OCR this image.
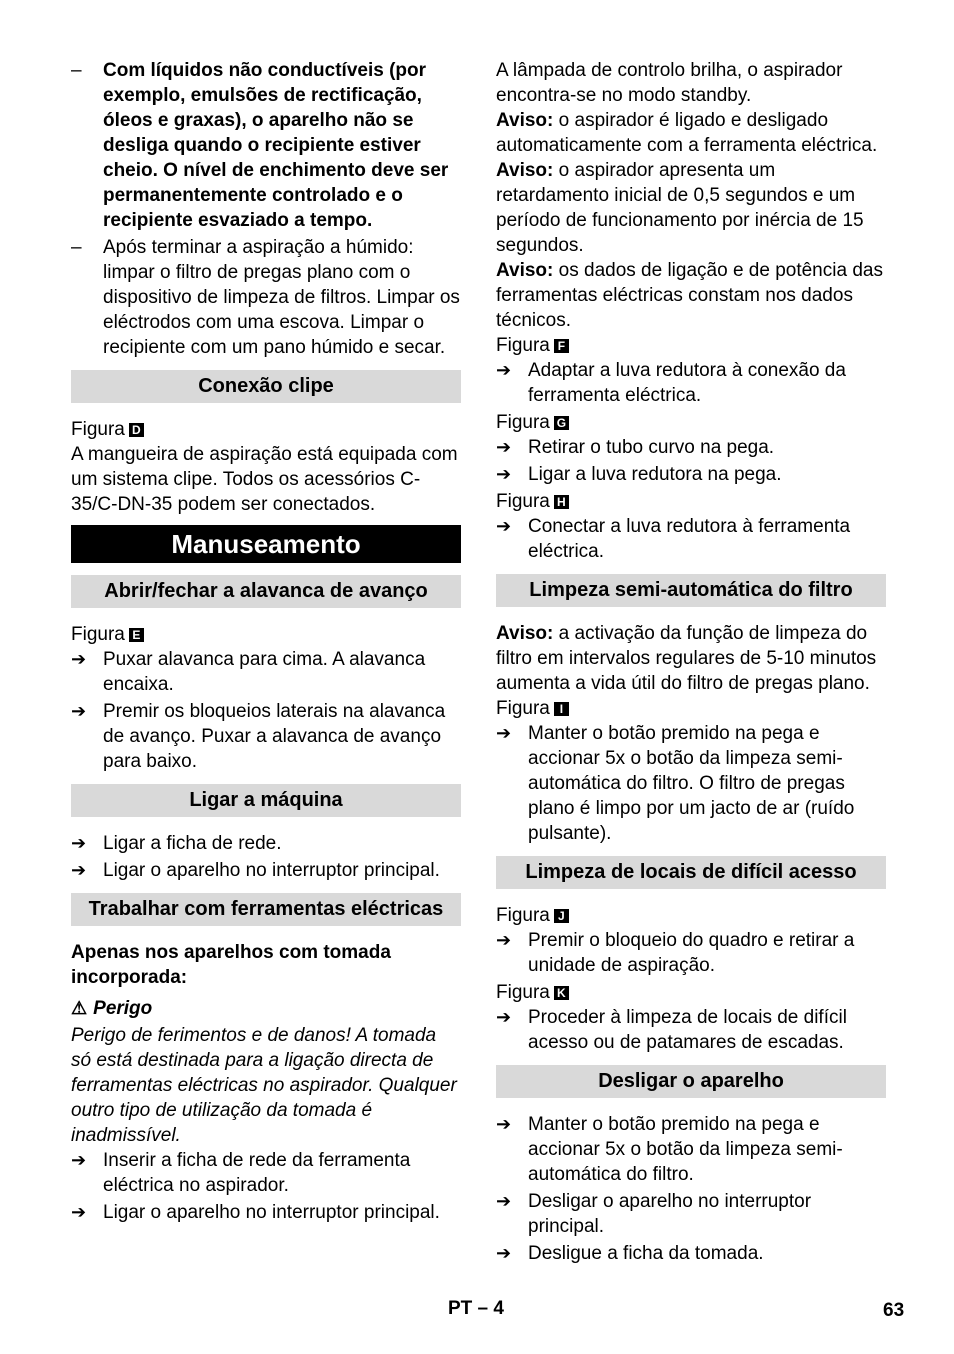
–	Com líquidos não conductíveis (por exemplo, emulsões de rectificação, óleos e graxas), o aparelho não se desliga quando o recipiente estiver cheio. O nível de enchimento deve ser permanentemente controlado e o recipiente esvaziado a tempo.

–	Após terminar a aspiração a húmido: limpar o filtro de pregas plano com o dispositivo de limpeza de filtros. Limpar os eléctrodos com uma escova. Limpar o recipiente com um pano húmido e secar.

Conexão clipe

Figura D

A mangueira de aspiração está equipada com um sistema clipe. Todos os acessórios C-35/C-DN-35 podem ser conectados.

Manuseamento
Abrir/fechar a alavanca de avanço

Figura E

➔ Puxar alavanca para cima. A alavanca encaixa.

➔ Premir os bloqueios laterais na alavanca de avanço. Puxar a alavanca de avanço para baixo.

Ligar a máquina
➔ Ligar a ficha de rede.

➔ Ligar o aparelho no interruptor principal.

Trabalhar com ferramentas eléctricas

Apenas nos aparelhos com tomada incorporada:

⚠ Perigo

Perigo de ferimentos e de danos! A tomada só está destinada para a ligação directa de ferramentas eléctricas no aspirador. Qualquer outro tipo de utilização da tomada é inadmissível.

➔ Inserir a ficha de rede da ferramenta eléctrica no aspirador.

➔ Ligar o aparelho no interruptor principal.

A lâmpada de controlo brilha, o aspirador encontra-se no modo standby.

Aviso: o aspirador é ligado e desligado automaticamente com a ferramenta eléctrica.

Aviso: o aspirador apresenta um retardamento inicial de 0,5 segundos e um período de funcionamento por inércia de 15 segundos.

Aviso: os dados de ligação e de potência das ferramentas eléctricas constam nos dados técnicos.

Figura F

➔ Adaptar a luva redutora à conexão da ferramenta eléctrica.

Figura G

➔ Retirar o tubo curvo na pega.

➔ Ligar a luva redutora na pega.

Figura H

➔ Conectar a luva redutora à ferramenta eléctrica.

Limpeza semi-automática do filtro

Aviso: a activação da função de limpeza do filtro em intervalos regulares de 5-10 minutos aumenta a vida útil do filtro de pregas plano.

Figura I

➔ Manter o botão premido na pega e accionar 5x o botão da limpeza semi-automática do filtro. O filtro de pregas plano é limpo por um jacto de ar (ruído pulsante).

Limpeza de locais de difícil acesso

Figura J

➔ Premir o bloqueio do quadro e retirar a unidade de aspiração.

Figura K

➔ Proceder à limpeza de locais de difícil acesso ou de patamares de escadas.

Desligar o aparelho
➔ Manter o botão premido na pega e accionar 5x o botão da limpeza semi-automática do filtro.

➔ Desligar o aparelho no interruptor principal.

➔ Desligue a ficha da tomada.

PT – 4	63
